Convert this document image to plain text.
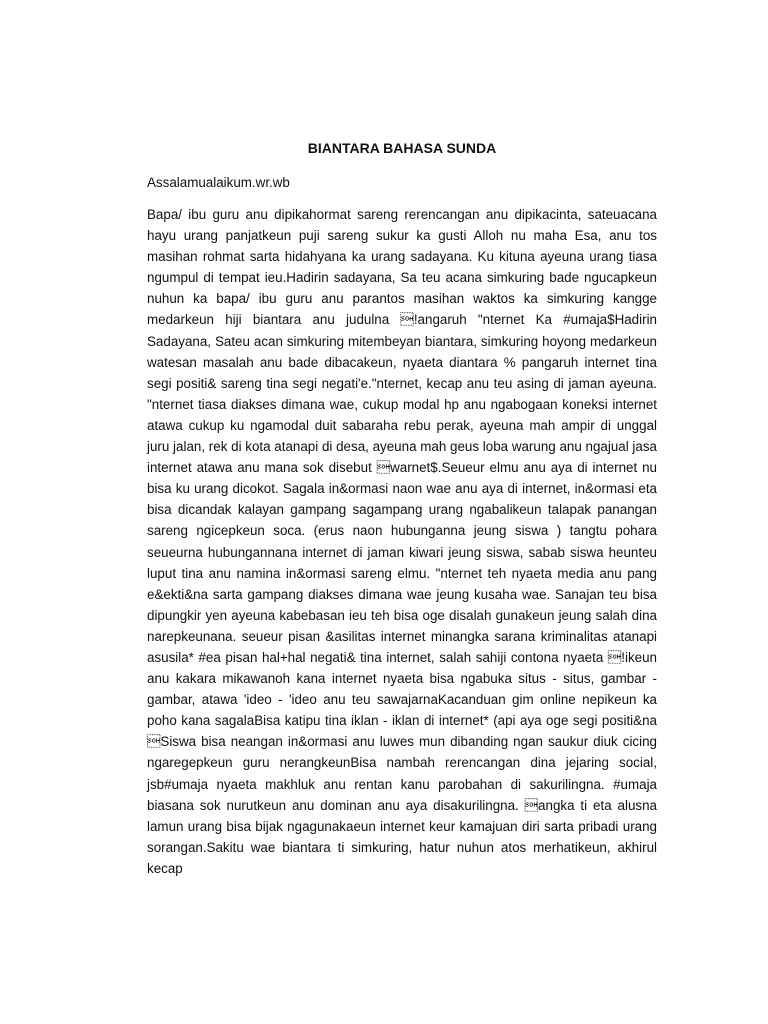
BIANTARA BAHASA SUNDA

Assalamualaikum.wr.wb

Bapa/ ibu guru anu dipikahormat sareng rerencangan anu dipikacinta, sateuacana hayu urang panjatkeun puji sareng sukur ka gusti Alloh nu maha Esa, anu tos masihan rohmat sarta hidahyana ka urang sadayana. Ku kituna ayeuna urang tiasa ngumpul di tempat ieu.Hadirin sadayana, Sa teu acana simkuring bade ngucapkeun nuhun ka bapa/ ibu guru anu parantos masihan waktos ka simkuring kangge medarkeun hiji biantara anu judulna !angaruh "nternet Ka #umaja$Hadirin Sadayana, Sateu acan simkuring mitembeyan biantara, simkuring hoyong medarkeun watesan masalah anu bade dibacakeun, nyaeta diantara % pangaruh internet tina segi positi& sareng tina segi negati'e."nternet, kecap anu teu asing di jaman ayeuna. "nternet tiasa diakses dimana wae, cukup modal hp anu ngabogaan koneksi internet atawa cukup ku ngamodal duit sabaraha rebu perak, ayeuna mah ampir di unggal juru jalan, rek di kota atanapi di desa, ayeuna mah geus loba warung anu ngajual jasa internet atawa anu mana sok disebut warnet$.Seueur elmu anu aya di internet nu bisa ku urang dicokot. Sagala in&ormasi naon wae anu aya di internet, in&ormasi eta bisa dicandak kalayan gampang sagampang urang ngabalikeun talapak panangan sareng ngicepkeun soca. (erus naon hubunganna jeung siswa ) tangtu pohara seueurna hubungannana internet di jaman kiwari jeung siswa, sabab siswa heunteu luput tina anu namina in&ormasi sareng elmu. "nternet teh nyaeta media anu pang e&ekti&na sarta gampang diakses dimana wae jeung kusaha wae. Sanajan teu bisa dipungkir yen ayeuna kabebasan ieu teh bisa oge disalah gunakeun jeung salah dina narepkeunana. seueur pisan &asilitas internet minangka sarana kriminalitas atanapi asusila* #ea pisan hal+hal negati& tina internet, salah sahiji contona nyaeta !ikeun anu kakara mikawanoh kana internet nyaeta bisa ngabuka situs - situs, gambar - gambar, atawa 'ideo - 'ideo anu teu sawajarnaKacanduan gim online nepikeun ka poho kana sagalaBisa katipu tina iklan - iklan di internet* (api aya oge segi positi&na Siswa bisa neangan in&ormasi anu luwes mun dibanding ngan saukur diuk cicing ngaregepkeun guru nerangkeunBisa nambah rerencangan dina jejaring social, jsb#umaja nyaeta makhluk anu rentan kanu parobahan di sakurilingna. #umaja biasana sok nurutkeun anu dominan anu aya disakurilingna. angka ti eta alusna lamun urang bisa bijak ngagunakaeun internet keur kamajuan diri sarta pribadi urang sorangan.Sakitu wae biantara ti simkuring, hatur nuhun atos merhatikeun, akhirul kecap
